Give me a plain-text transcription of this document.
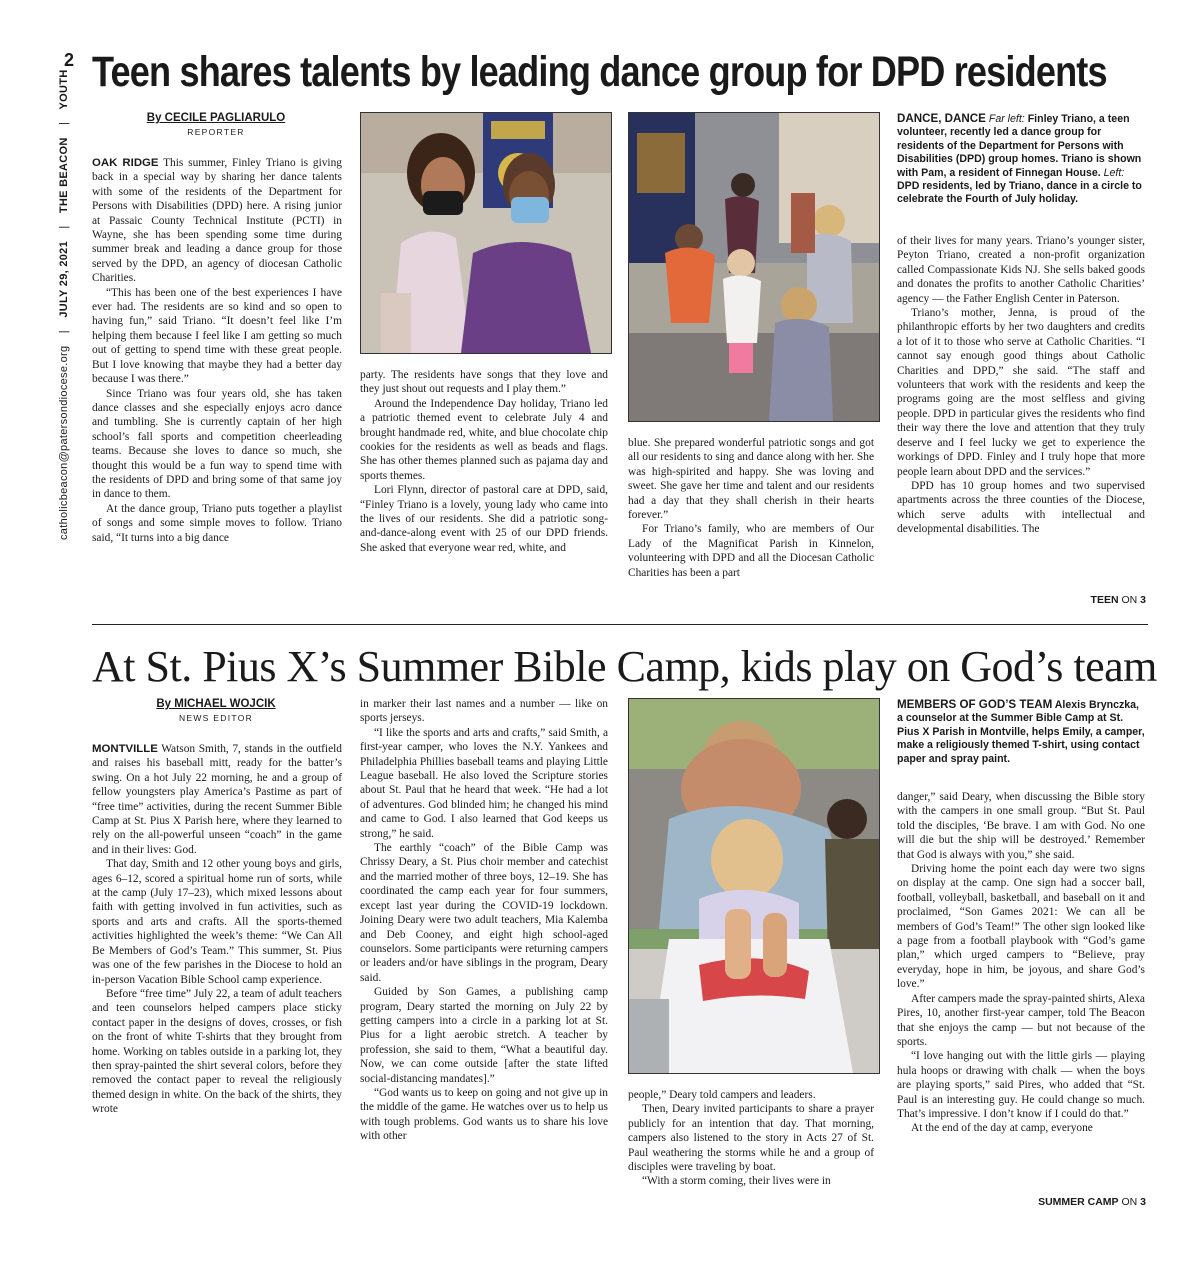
2
catholicbeacon@patersondiocese.org | JULY 29, 2021 | THE BEACON | YOUTH Teen shares talents by leading dance group for DPD residents
By CECILE PAGLIARULO
REPORTER

OAK RIDGE This summer, Finley Triano is giving back in a special way by sharing her dance talents with some of the residents of the Department for Persons with Disabilities (DPD) here. A rising junior at Passaic County Technical Institute (PCTI) in Wayne, she has been spending some time during summer break and leading a dance group for those served by the DPD, an agency of diocesan Catholic Charities.

“This has been one of the best experiences I have ever had. The residents are so kind and so open to having fun,” said Triano. “It doesn’t feel like I’m helping them because I feel like I am getting so much out of getting to spend time with these great people. But I love knowing that maybe they had a better day because I was there.”

Since Triano was four years old, she has taken dance classes and she especially enjoys acro dance and tumbling. She is currently captain of her high school’s fall sports and competition cheerleading teams. Because she loves to dance so much, she thought this would be a fun way to spend time with the residents of DPD and bring some of that same joy in dance to them.

At the dance group, Triano puts together a playlist of songs and some simple moves to follow. Triano said, “It turns into a big dance

party. The residents have songs that they love and they just shout out requests and I play them.”

Around the Independence Day holiday, Triano led a patriotic themed event to celebrate July 4 and brought handmade red, white, and blue chocolate chip cookies for the residents as well as beads and flags. She has other themes planned such as pajama day and sports themes.

Lori Flynn, director of pastoral care at DPD, said, “Finley Triano is a lovely, young lady who came into the lives of our residents. She did a patriotic song-and-dance-along event with 25 of our DPD friends. She asked that everyone wear red, white, and

blue. She prepared wonderful patriotic songs and got all our residents to sing and dance along with her. She was high-spirited and happy. She was loving and sweet. She gave her time and talent and our residents had a day that they shall cherish in their hearts forever.”

For Triano’s family, who are members of Our Lady of the Magnificat Parish in Kinnelon, volunteering with DPD and all the Diocesan Catholic Charities has been a part

DANCE, DANCE Far left: Finley Triano, a teen volunteer, recently led a dance group for residents of the Department for Persons with Disabilities (DPD) group homes. Triano is shown with Pam, a resident of Finnegan House. Left: DPD residents, led by Triano, dance in a circle to celebrate the Fourth of July holiday.

of their lives for many years. Triano’s younger sister, Peyton Triano, created a non-profit organization called Compassionate Kids NJ. She sells baked goods and donates the profits to another Catholic Charities’ agency — the Father English Center in Paterson.

Triano’s mother, Jenna, is proud of the philanthropic efforts by her two daughters and credits a lot of it to those who serve at Catholic Charities. “I cannot say enough good things about Catholic Charities and DPD,” she said. “The staff and volunteers that work with the residents and keep the programs going are the most selfless and giving people. DPD in particular gives the residents who find their way there the love and attention that they truly deserve and I feel lucky we get to experience the workings of DPD. Finley and I truly hope that more people learn about DPD and the services.”

DPD has 10 group homes and two supervised apartments across the three counties of the Diocese, which serve adults with intellectual and developmental disabilities. The

TEEN ON 3
At St. Pius X’s Summer Bible Camp, kids play on God’s team
By MICHAEL WOJCIK
NEWS EDITOR

MONTVILLE Watson Smith, 7, stands in the outfield and raises his baseball mitt, ready for the batter’s swing. On a hot July 22 morning, he and a group of fellow youngsters play America’s Pastime as part of “free time” activities, during the recent Summer Bible Camp at St. Pius X Parish here, where they learned to rely on the all-powerful unseen “coach” in the game and in their lives: God.

That day, Smith and 12 other young boys and girls, ages 6–12, scored a spiritual home run of sorts, while at the camp (July 17–23), which mixed lessons about faith with getting involved in fun activities, such as sports and arts and crafts. All the sports-themed activities highlighted the week’s theme: “We Can All Be Members of God’s Team.” This summer, St. Pius was one of the few parishes in the Diocese to hold an in-person Vacation Bible School camp experience.

Before “free time” July 22, a team of adult teachers and teen counselors helped campers place sticky contact paper in the designs of doves, crosses, or fish on the front of white T-shirts that they brought from home. Working on tables outside in a parking lot, they then spray-painted the shirt several colors, before they removed the contact paper to reveal the religiously themed design in white. On the back of the shirts, they wrote

in marker their last names and a number — like on sports jerseys.

“I like the sports and arts and crafts,” said Smith, a first-year camper, who loves the N.Y. Yankees and Philadelphia Phillies baseball teams and playing Little League baseball. He also loved the Scripture stories about St. Paul that he heard that week. “He had a lot of adventures. God blinded him; he changed his mind and came to God. I also learned that God keeps us strong,” he said.

The earthly “coach” of the Bible Camp was Chrissy Deary, a St. Pius choir member and catechist and the married mother of three boys, 12–19. She has coordinated the camp each year for four summers, except last year during the COVID-19 lockdown. Joining Deary were two adult teachers, Mia Kalemba and Deb Cooney, and eight high school-aged counselors. Some participants were returning campers or leaders and/or have siblings in the program, Deary said.

Guided by Son Games, a publishing camp program, Deary started the morning on July 22 by getting campers into a circle in a parking lot at St. Pius for a light aerobic stretch. A teacher by profession, she said to them, “What a beautiful day. Now, we can come outside [after the state lifted social-distancing mandates].”

“God wants us to keep on going and not give up in the middle of the game. He watches over us to help us with tough problems. God wants us to share his love with other

people,” Deary told campers and leaders.

Then, Deary invited participants to share a prayer publicly for an intention that day. That morning, campers also listened to the story in Acts 27 of St. Paul weathering the storms while he and a group of disciples were traveling by boat.

“With a storm coming, their lives were in

MEMBERS OF GOD’S TEAM Alexis Brynczka, a counselor at the Summer Bible Camp at St. Pius X Parish in Montville, helps Emily, a camper, make a religiously themed T-shirt, using contact paper and spray paint.

danger,” said Deary, when discussing the Bible story with the campers in one small group. “But St. Paul told the disciples, ‘Be brave. I am with God. No one will die but the ship will be destroyed.’ Remember that God is always with you,” she said.

Driving home the point each day were two signs on display at the camp. One sign had a soccer ball, football, volleyball, basketball, and baseball on it and proclaimed, “Son Games 2021: We can all be members of God’s Team!” The other sign looked like a page from a football playbook with “God’s game plan,” which urged campers to “Believe, pray everyday, hope in him, be joyous, and share God’s love.”

After campers made the spray-painted shirts, Alexa Pires, 10, another first-year camper, told The Beacon that she enjoys the camp — but not because of the sports.

“I love hanging out with the little girls — playing hula hoops or drawing with chalk — when the boys are playing sports,” said Pires, who added that “St. Paul is an interesting guy. He could change so much. That’s impressive. I don’t know if I could do that.”

At the end of the day at camp, everyone

SUMMER CAMP ON 3
